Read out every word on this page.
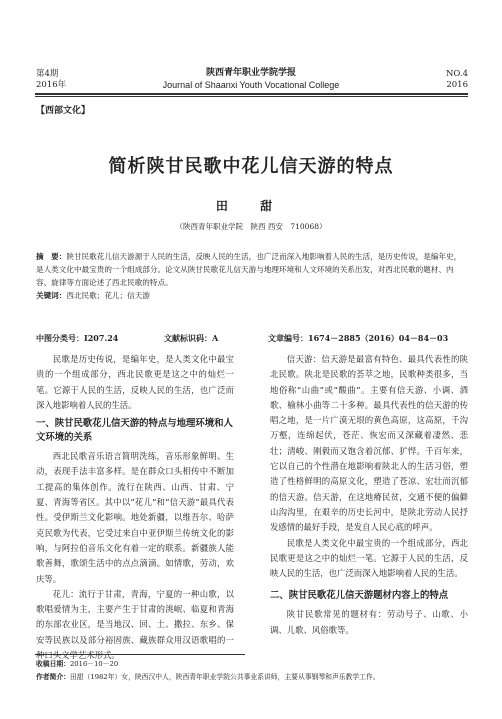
第4期
2016年
陕西青年职业学院学报
Journal of Shaanxi Youth Vocational College
NO.4
2016
【西部文化】
简析陕甘民歌中花儿信天游的特点
田 甜
（陕西青年职业学院　陕西 西安　710068）
摘　要：陕甘民歌花儿信天游源于人民的生活，反映人民的生活，也广泛而深入地影响着人民的生活，是历史传说，是编年史，是人类文化中最宝贵的一个组成部分。论文从陕甘民歌花儿信天游与地理环境和人文环境的关系出发，对西北民歌的题材、内容、旋律等方面论述了西北民歌的特点。
关键词：西北民歌；花儿；信天游
中图分类号：I207.24	文献标识码：A	文章编号：1674－2885（2016）04－84－03

民歌是历史传说，是编年史，是人类文化中最宝贵的一个组成部分，西北民歌更是这之中的灿烂一笔。它源于人民的生活，反映人民的生活，也广泛而深入地影响着人民的生活。

一、陕甘民歌花儿信天游的特点与地理环境和人文环境的关系

西北民歌音乐语言简明洗练，音乐形象鲜明、生动，表现手法丰富多样。是在群众口头相传中不断加工提高的集体创作。流行在陕西、山西、甘肃、宁夏、青海等省区。其中以“花儿”和“信天游”最具代表性。受伊斯兰文化影响。地处新疆，以维吾尔、哈萨克民歌为代表，它受过来自中亚伊斯兰传统文化的影响，与阿拉伯音乐文化有着一定的联系。新疆族人能歌善舞，歌颂生活中的点点滴滴。如情歌，劳动，欢庆等。

花儿：流行于甘肃，青海，宁夏的一种山歌，以歌唱爱情为主，主要产生于甘肃的洮岷、临夏和青海的东部农业区，是当地汉、回、土、撒拉、东乡、保安等民族以及部分裕固族、藏族群众用汉语歌唱的一种口头文学艺术形式。

信天游：信天游是最富有特色、最具代表性的陕北民歌。陕北是民歌的荟萃之地，民歌种类很多，当地俗称“山曲”或“酸曲”。主要有信天游、小调、酒歌、榆林小曲等二十多种。最具代表性的信天游的传唱之地，是一片广漠无垠的黄色高原，这高原，千沟万壑，连绵起伏，苍茫、恢宏而又深藏着凄然、悲壮；清峻、刚毅而又饱含着沉郁、犷悍。千百年来，它以自己的个性潜在地影响着陕北人的生活习俗，塑造了性格鲜明的高原文化，塑造了苍凉、宏壮而沉郁的信天游。信天游，在这地瘠民贫，交通不便的偏僻山沟沟里，在艰辛的历史长河中，是陕北劳动人民抒发感情的最好手段，是发自人民心底的呼声。

民歌是人类文化中最宝贵的一个组成部分，西北民歌更是这之中的灿烂一笔。它源于人民的生活，反映人民的生活，也广泛而深入地影响着人民的生活。

二、陕甘民歌花儿信天游题材内容上的特点

陕甘民歌常见的题材有：劳动号子、山歌、小调、儿歌、风俗歌等。

收稿日期：2016－10－20
作者简介：田甜（1982年）女，陕西汉中人，陕西青年职业学院公共事业系讲师，主要从事钢琴和声乐教学工作。
